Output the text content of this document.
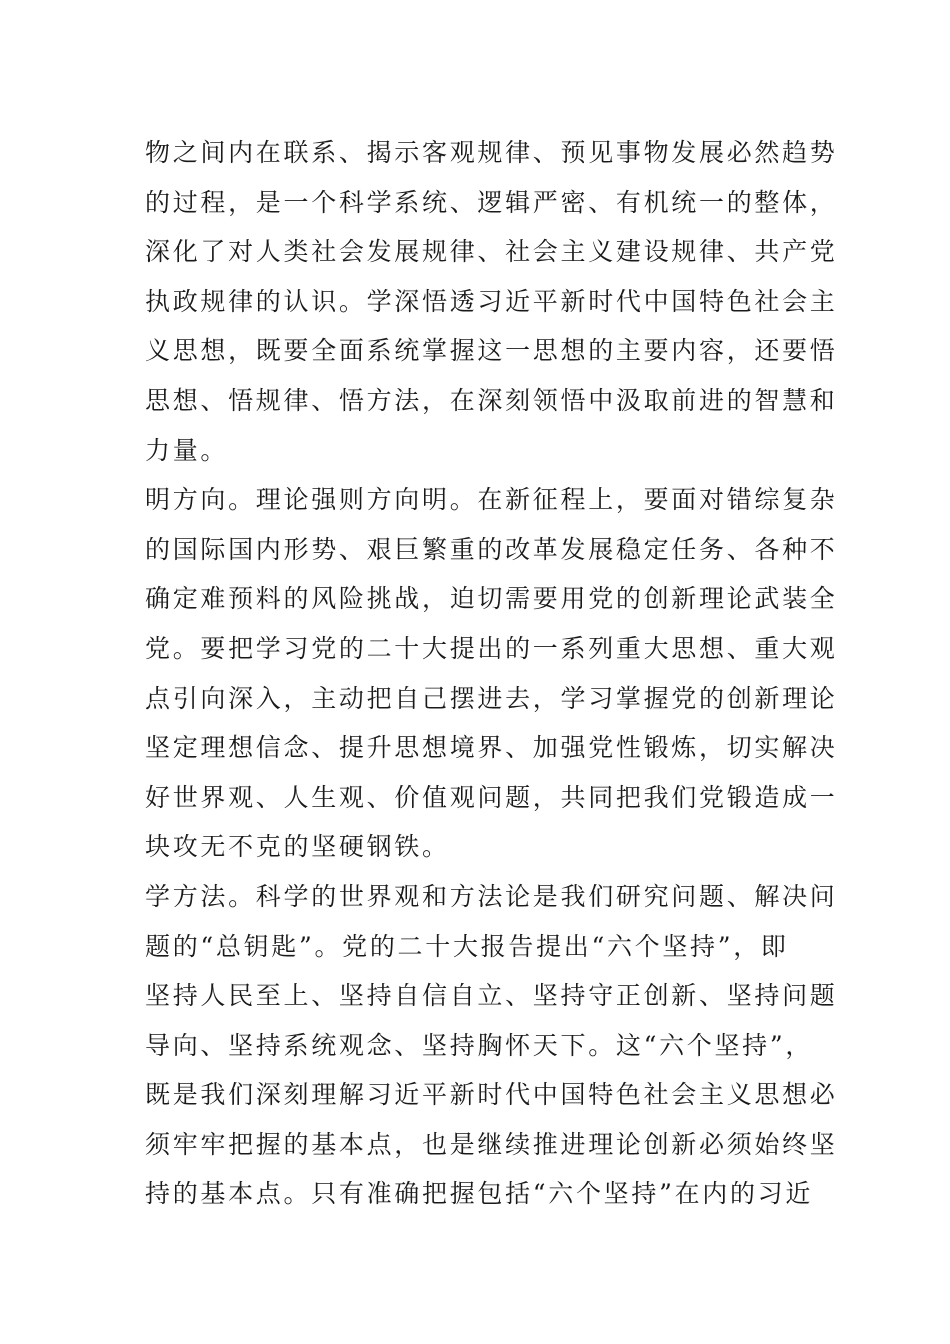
物之间内在联系、揭示客观规律、预见事物发展必然趋势
的过程，是一个科学系统、逻辑严密、有机统一的整体，
深化了对人类社会发展规律、社会主义建设规律、共产党
执政规律的认识。学深悟透习近平新时代中国特色社会主
义思想，既要全面系统掌握这一思想的主要内容，还要悟
思想、悟规律、悟方法，在深刻领悟中汲取前进的智慧和
力量。
明方向。理论强则方向明。在新征程上，要面对错综复杂
的国际国内形势、艰巨繁重的改革发展稳定任务、各种不
确定难预料的风险挑战，迫切需要用党的创新理论武装全
党。要把学习党的二十大提出的一系列重大思想、重大观
点引向深入，主动把自己摆进去，学习掌握党的创新理论
坚定理想信念、提升思想境界、加强党性锻炼，切实解决
好世界观、人生观、价值观问题，共同把我们党锻造成一
块攻无不克的坚硬钢铁。
学方法。科学的世界观和方法论是我们研究问题、解决问
题的“总钥匙”。党的二十大报告提出“六个坚持”，即
坚持人民至上、坚持自信自立、坚持守正创新、坚持问题
导向、坚持系统观念、坚持胸怀天下。这“六个坚持”，
既是我们深刻理解习近平新时代中国特色社会主义思想必
须牢牢把握的基本点，也是继续推进理论创新必须始终坚
持的基本点。只有准确把握包括“六个坚持”在内的习近
